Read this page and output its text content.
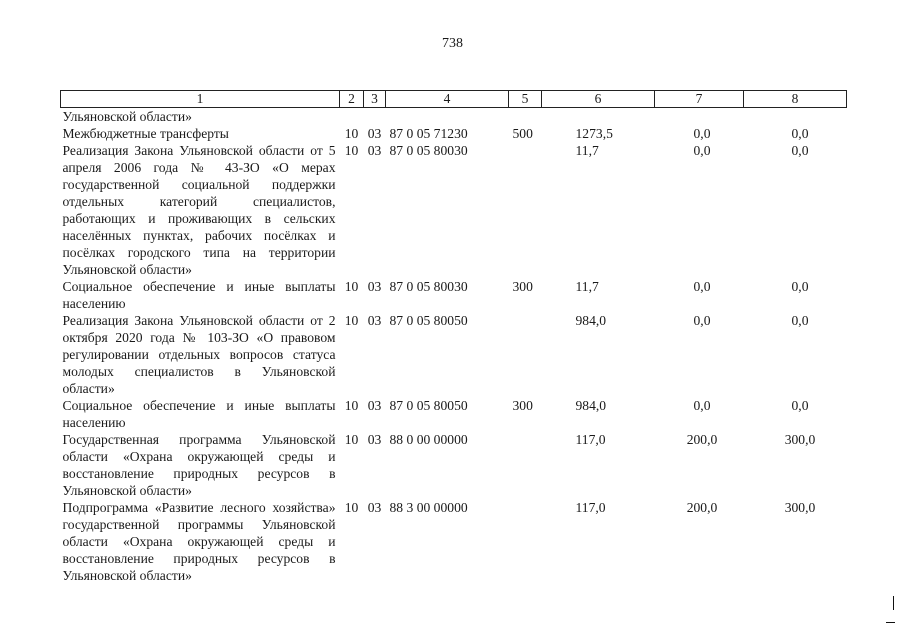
738
1	2	3	4	5	6	7	8
Ульяновской области»							
Межбюджетные трансферты	10	03	87 0 05 71230	500	1273,5	0,0	0,0
Реализация Закона Ульяновской области от 5 апреля 2006 года № 43-ЗО «О мерах государственной социальной поддержки отдельных категорий специалистов, работающих и проживающих в сельских населённых пунктах, рабочих посёлках и посёлках городского типа на территории Ульяновской области»	10	03	87 0 05 80030		11,7	0,0	0,0
Социальное обеспечение и иные выплаты населению	10	03	87 0 05 80030	300	11,7	0,0	0,0
Реализация Закона Ульяновской области от 2 октября 2020 года № 103-ЗО «О правовом регулировании отдельных вопросов статуса молодых специалистов в Ульяновской области»	10	03	87 0 05 80050		984,0	0,0	0,0
Социальное обеспечение и иные выплаты населению	10	03	87 0 05 80050	300	984,0	0,0	0,0
Государственная программа Ульяновской области «Охрана окружающей среды и восстановление природных ресурсов в Ульяновской области»	10	03	88 0 00 00000		117,0	200,0	300,0
Подпрограмма «Развитие лесного хозяйства» государственной программы Ульяновской области «Охрана окружающей среды и восстановление природных ресурсов в Ульяновской области»	10	03	88 3 00 00000		117,0	200,0	300,0
